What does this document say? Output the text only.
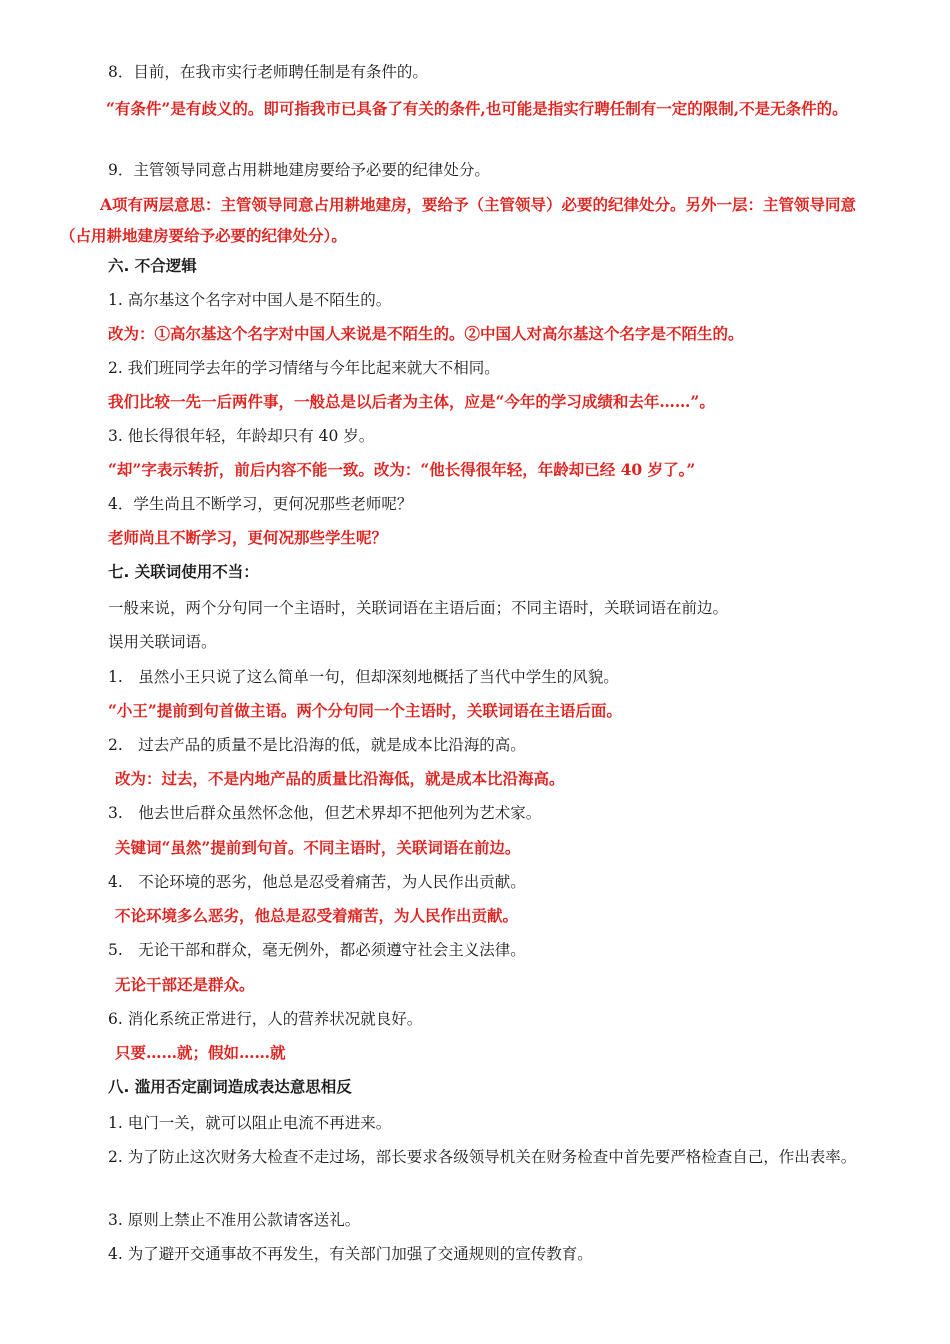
8．目前，在我市实行老师聘任制是有条件的。
“有条件”是有歧义的。即可指我市已具备了有关的条件,也可能是指实行聘任制有一定的限制,不是无条件的。
9．主管领导同意占用耕地建房要给予必要的纪律处分。
A项有两层意思：主管领导同意占用耕地建房，要给予（主管领导）必要的纪律处分。另外一层：主管领导同意（占用耕地建房要给予必要的纪律处分）。
六. 不合逻辑
1. 高尔基这个名字对中国人是不陌生的。
改为：①高尔基这个名字对中国人来说是不陌生的。②中国人对高尔基这个名字是不陌生的。
2. 我们班同学去年的学习情绪与今年比起来就大不相同。
我们比较一先一后两件事，一般总是以后者为主体，应是“今年的学习成绩和去年……”。
3. 他长得很年轻，年龄却只有 40 岁。
“却”字表示转折，前后内容不能一致。改为：“他长得很年轻，年龄却已经 40 岁了。”
4．学生尚且不断学习，更何况那些老师呢？
老师尚且不断学习，更何况那些学生呢？
七. 关联词使用不当：
一般来说，两个分句同一个主语时，关联词语在主语后面；不同主语时，关联词语在前边。
误用关联词语。
1.　虽然小王只说了这么简单一句，但却深刻地概括了当代中学生的风貌。
“小王”提前到句首做主语。两个分句同一个主语时，关联词语在主语后面。
2.　过去产品的质量不是比沿海的低，就是成本比沿海的高。
改为：过去，不是内地产品的质量比沿海低，就是成本比沿海高。
3.　他去世后群众虽然怀念他，但艺术界却不把他列为艺术家。
关键词“虽然”提前到句首。不同主语时，关联词语在前边。
4.　不论环境的恶劣，他总是忍受着痛苦，为人民作出贡献。
不论环境多么恶劣，他总是忍受着痛苦，为人民作出贡献。
5.　无论干部和群众，毫无例外，都必须遵守社会主义法律。
无论干部还是群众。
6. 消化系统正常进行，人的营养状况就良好。
只要……就；假如……就
八. 滥用否定副词造成表达意思相反
1. 电门一关，就可以阻止电流不再进来。
2. 为了防止这次财务大检查不走过场，部长要求各级领导机关在财务检查中首先要严格检查自己，作出表率。
3. 原则上禁止不准用公款请客送礼。
4. 为了避开交通事故不再发生，有关部门加强了交通规则的宣传教育。
